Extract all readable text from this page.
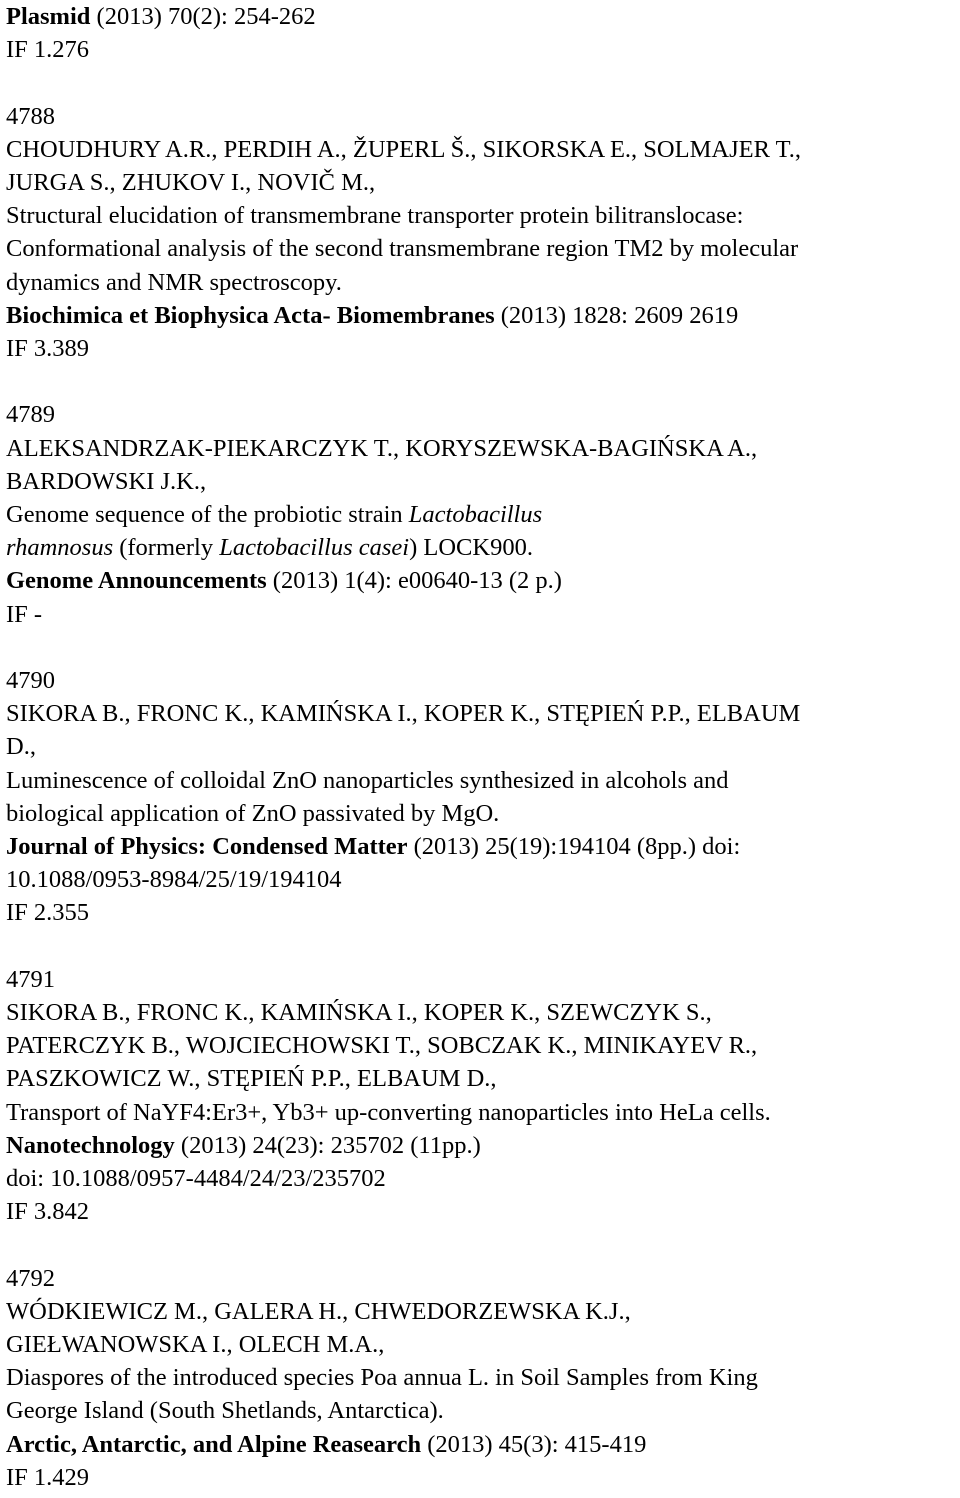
Plasmid (2013) 70(2): 254-262
IF 1.276
4788
CHOUDHURY A.R., PERDIH A., ŽUPERL Š., SIKORSKA E., SOLMAJER T.,
JURGA S., ZHUKOV I., NOVIČ M.,
Structural elucidation of transmembrane transporter protein bilitranslocase:
Conformational analysis of the second transmembrane region TM2 by molecular
dynamics and NMR spectroscopy.
Biochimica et Biophysica Acta- Biomembranes (2013) 1828: 2609 2619
IF 3.389
4789
ALEKSANDRZAK-PIEKARCZYK T., KORYSZEWSKA-BAGIŃSKA A.,
BARDOWSKI J.K.,
Genome sequence of the probiotic strain Lactobacillus
rhamnosus (formerly Lactobacillus casei) LOCK900.
Genome Announcements (2013) 1(4): e00640-13 (2 p.)
IF -
4790
SIKORA B., FRONC K., KAMIŃSKA I., KOPER K., STĘPIEŃ P.P., ELBAUM
D.,
Luminescence of colloidal ZnO nanoparticles synthesized in alcohols and
biological application of ZnO passivated by MgO.
Journal of Physics: Condensed Matter (2013) 25(19):194104 (8pp.) doi:
10.1088/0953-8984/25/19/194104
IF 2.355
4791
SIKORA B., FRONC K., KAMIŃSKA I., KOPER K., SZEWCZYK S.,
PATERCZYK B., WOJCIECHOWSKI T., SOBCZAK K., MINIKAYEV R.,
PASZKOWICZ W., STĘPIEŃ P.P., ELBAUM D.,
Transport of NaYF4:Er3+, Yb3+ up-converting nanoparticles into HeLa cells.
Nanotechnology (2013) 24(23): 235702 (11pp.)
doi: 10.1088/0957-4484/24/23/235702
IF 3.842
4792
WÓDKIEWICZ M., GALERA H., CHWEDORZEWSKA K.J.,
GIEŁWANOWSKA I., OLECH M.A.,
Diaspores of the introduced species Poa annua L. in Soil Samples from King
George Island (South Shetlands, Antarctica).
Arctic, Antarctic, and Alpine Reasearch (2013) 45(3): 415-419
IF 1.429
